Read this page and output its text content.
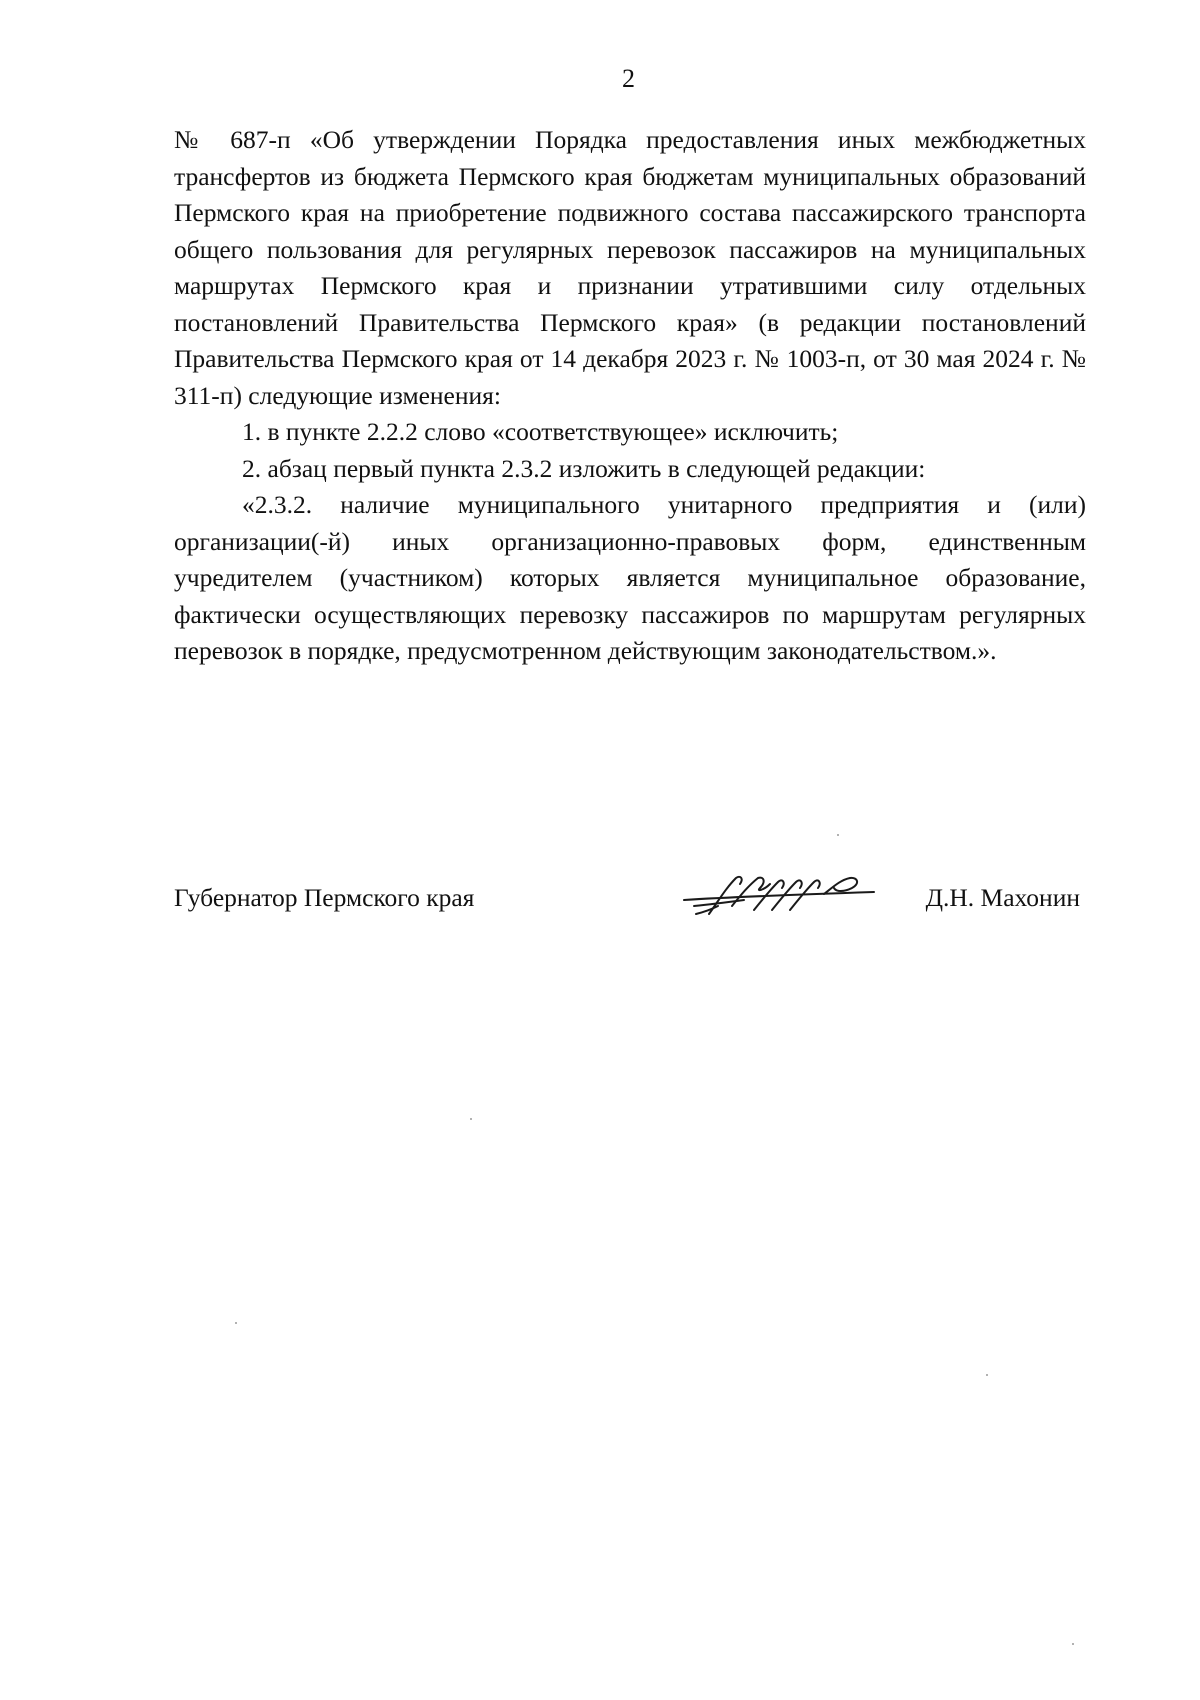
2

№ 687-п «Об утверждении Порядка предоставления иных межбюджетных трансфертов из бюджета Пермского края бюджетам муниципальных образований Пермского края на приобретение подвижного состава пассажирского транспорта общего пользования для регулярных перевозок пассажиров на муниципальных маршрутах Пермского края и признании утратившими силу отдельных постановлений Правительства Пермского края» (в редакции постановлений Правительства Пермского края от 14 декабря 2023 г. № 1003-п, от 30 мая 2024 г. № 311-п) следующие изменения:

1. в пункте 2.2.2 слово «соответствующее» исключить;

2. абзац первый пункта 2.3.2 изложить в следующей редакции:

«2.3.2. наличие муниципального унитарного предприятия и (или) организации(-й) иных организационно-правовых форм, единственным учредителем (участником) которых является муниципальное образование, фактически осуществляющих перевозку пассажиров по маршрутам регулярных перевозок в порядке, предусмотренном действующим законодательством.».

Губернатор Пермского края	Д.Н. Махонин
